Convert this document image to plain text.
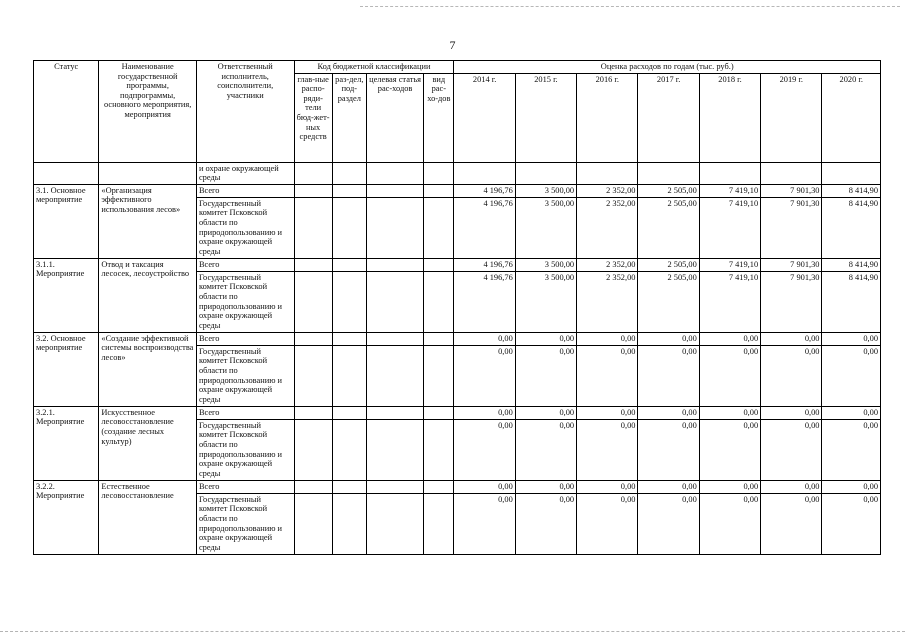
7
Статус	Наименование государственной программы, подпрограммы, основного мероприятия, мероприятия	Ответственный исполнитель, соисполнители, участники	Код бюджетной классификации				Оценка расходов по годам (тыс. руб.)						
			глав-ные распо-ряди-тели бюд-жет-ных средств	раз-дел, под-раздел	целевая статья рас-ходов	вид рас-хо-дов	2014 г.	2015 г.	2016 г.	2017 г.	2018 г.	2019 г.	2020 г.
		и охране окружающей среды											
3.1. Основное мероприятие	«Организация эффективного использования лесов»	Всего					4 196,76	3 500,00	2 352,00	2 505,00	7 419,10	7 901,30	8 414,90
		Государственный комитет Псковской области по природопользованию и охране окружающей среды					4 196,76	3 500,00	2 352,00	2 505,00	7 419,10	7 901,30	8 414,90
3.1.1. Мероприятие	Отвод и таксация лесосек, лесоустройство	Всего					4 196,76	3 500,00	2 352,00	2 505,00	7 419,10	7 901,30	8 414,90
		Государственный комитет Псковской области по природопользованию и охране окружающей среды					4 196,76	3 500,00	2 352,00	2 505,00	7 419,10	7 901,30	8 414,90
3.2. Основное мероприятие	«Создание эффективной системы воспроизводства лесов»	Всего					0,00	0,00	0,00	0,00	0,00	0,00	0,00
		Государственный комитет Псковской области по природопользованию и охране окружающей среды					0,00	0,00	0,00	0,00	0,00	0,00	0,00
3.2.1. Мероприятие	Искусственное лесовосстановление (создание лесных культур)	Всего					0,00	0,00	0,00	0,00	0,00	0,00	0,00
		Государственный комитет Псковской области по природопользованию и охране окружающей среды					0,00	0,00	0,00	0,00	0,00	0,00	0,00
3.2.2. Мероприятие	Естественное лесовосстановление	Всего					0,00	0,00	0,00	0,00	0,00	0,00	0,00
		Государственный комитет Псковской области по природопользованию и охране окружающей среды					0,00	0,00	0,00	0,00	0,00	0,00	0,00
